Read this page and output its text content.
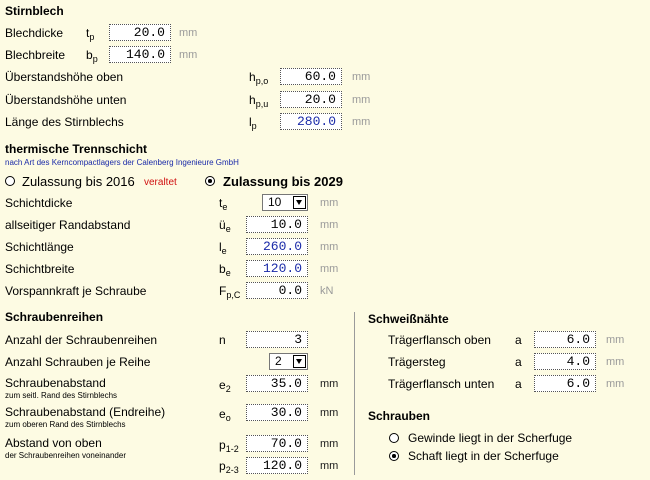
Stirnblech
Blechdicke $t_p$	20.0	mm
Blechbreite $b_p$	140.0	mm
Überstandshöhe oben	$h_{p,o}$	60.0	mm
Überstandshöhe unten	$h_{p,u}$	20.0	mm
Länge des Stirnblechs	$l_p$	280.0	mm
thermische Trennschicht
nach Art des Kerncompactlagers der Calenberg Ingenieure GmbH
Zulassung bis 2016 veraltet	Zulassung bis 2029
Schichtdicke	$t_e$	10	mm
allseitiger Randabstand	$ü_e$	10.0	mm
Schichtlänge	$l_e$	260.0	mm
Schichtbreite	$b_e$	120.0	mm
Vorspannkraft je Schraube	$F_{p,C}$	0.0	kN
Schraubenreihen
Anzahl der Schraubenreihen	n	3
Anzahl Schrauben je Reihe	2
Schraubenabstand
zum seitl. Rand des Stirnblechs
$e_2$	35.0	mm
Schraubenabstand (Endreihe)
zum oberen Rand des Stirnblechs
$e_o$	30.0	mm
Abstand von oben
der Schraubenreihen voneinander
$p_{1-2}$	70.0	mm
$p_{2-3}$	120.0	mm
Schweißnähte
Trägerflansch oben a	6.0	mm
Trägersteg	a	4.0	mm
Trägerflansch unten a	6.0	mm
Schrauben
Gewinde liegt in der Scherfuge
Schaft liegt in der Scherfuge
